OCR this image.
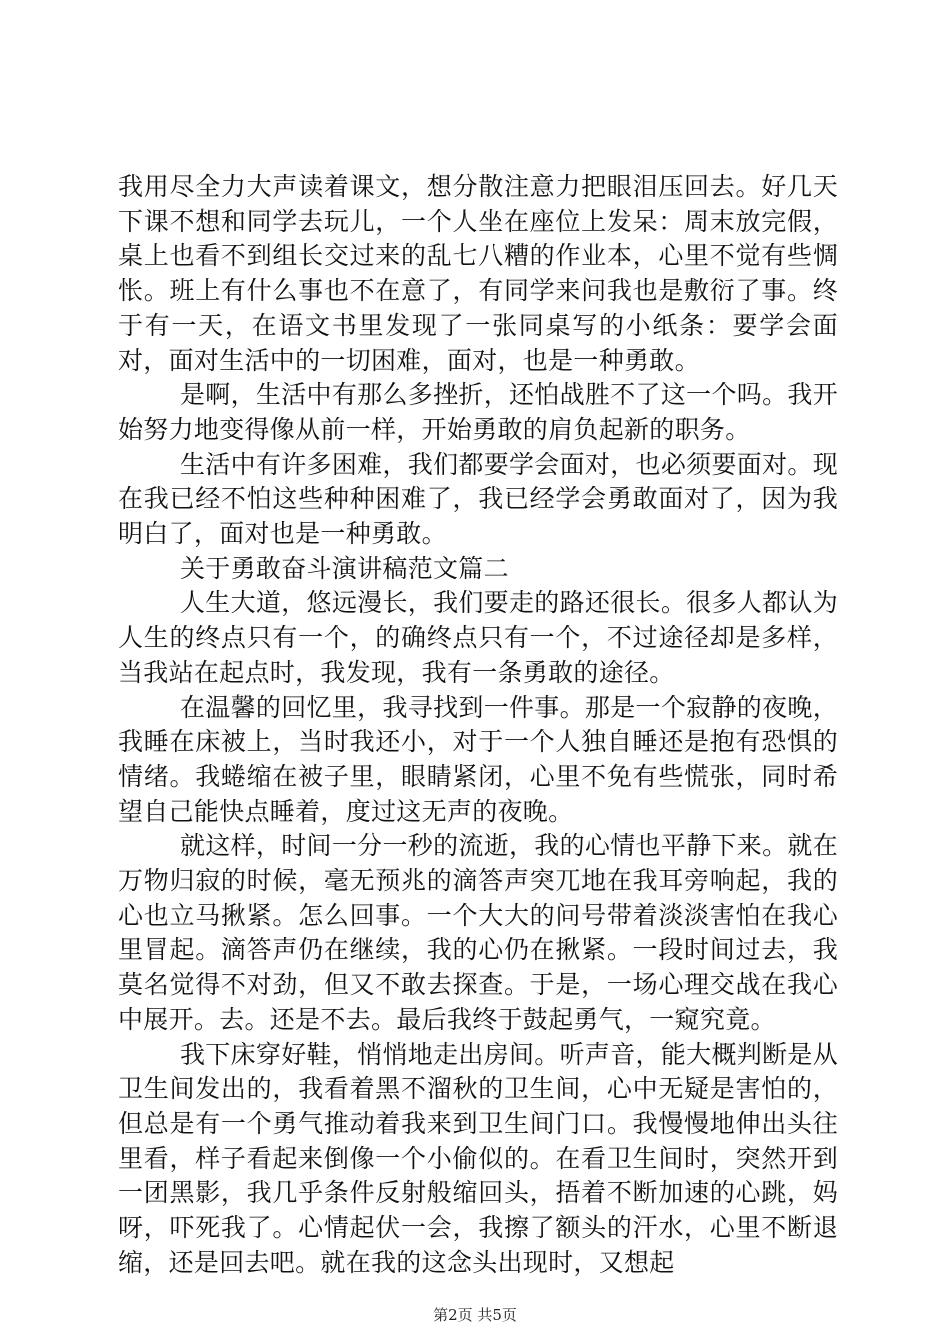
我用尽全力大声读着课文，想分散注意力把眼泪压回去。好几天下课不想和同学去玩儿，一个人坐在座位上发呆：周末放完假，桌上也看不到组长交过来的乱七八糟的作业本，心里不觉有些惆怅。班上有什么事也不在意了，有同学来问我也是敷衍了事。终于有一天，在语文书里发现了一张同桌写的小纸条：要学会面对，面对生活中的一切困难，面对，也是一种勇敢。

是啊，生活中有那么多挫折，还怕战胜不了这一个吗。我开始努力地变得像从前一样，开始勇敢的肩负起新的职务。

生活中有许多困难，我们都要学会面对，也必须要面对。现在我已经不怕这些种种困难了，我已经学会勇敢面对了，因为我明白了，面对也是一种勇敢。

关于勇敢奋斗演讲稿范文篇二

人生大道，悠远漫长，我们要走的路还很长。很多人都认为人生的终点只有一个，的确终点只有一个，不过途径却是多样，当我站在起点时，我发现，我有一条勇敢的途径。

在温馨的回忆里，我寻找到一件事。那是一个寂静的夜晚，我睡在床被上，当时我还小，对于一个人独自睡还是抱有恐惧的情绪。我蜷缩在被子里，眼睛紧闭，心里不免有些慌张，同时希望自己能快点睡着，度过这无声的夜晚。

就这样，时间一分一秒的流逝，我的心情也平静下来。就在万物归寂的时候，毫无预兆的滴答声突兀地在我耳旁响起，我的心也立马揪紧。怎么回事。一个大大的问号带着淡淡害怕在我心里冒起。滴答声仍在继续，我的心仍在揪紧。一段时间过去，我莫名觉得不对劲，但又不敢去探查。于是，一场心理交战在我心中展开。去。还是不去。最后我终于鼓起勇气，一窥究竟。

我下床穿好鞋，悄悄地走出房间。听声音，能大概判断是从卫生间发出的，我看着黑不溜秋的卫生间，心中无疑是害怕的，但总是有一个勇气推动着我来到卫生间门口。我慢慢地伸出头往里看，样子看起来倒像一个小偷似的。在看卫生间时，突然开到一团黑影，我几乎条件反射般缩回头，捂着不断加速的心跳，妈呀，吓死我了。心情起伏一会，我擦了额头的汗水，心里不断退缩，还是回去吧。就在我的这念头出现时，又想起

第2页 共5页
